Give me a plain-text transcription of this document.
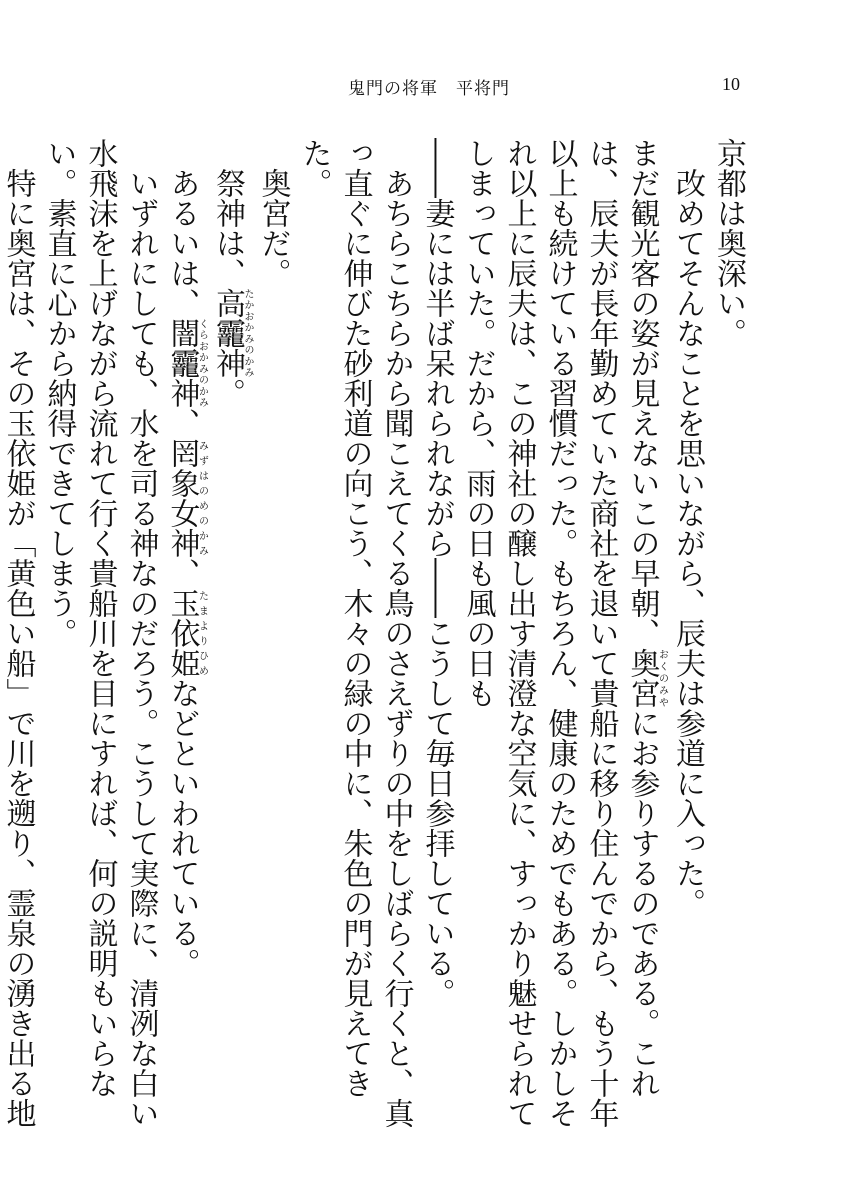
鬼門の将軍　平将門	10

京都は奥深い。

改めてそんなことを思いながら、辰夫は参道に入った。

まだ観光客の姿が見えないこの早朝、奥宮おくのみやにお参りするのである。これは、辰夫が長年勤めていた商社を退いて貴船に移り住んでから、もう十年以上も続けている習慣だった。もちろん、健康のためでもある。しかしそれ以上に辰夫は、この神社の醸し出す清澄な空気に、すっかり魅せられてしまっていた。だから、雨の日も風の日も

――妻には半ば呆れられながら――こうして毎日参拝している。

あちらこちらから聞こえてくる鳥のさえずりの中をしばらく行くと、真っ直ぐに伸びた砂利道の向こう、木々の緑の中に、朱色の門が見えてきた。

奥宮だ。

祭神は、高龗神たかおかみのかみ。

あるいは、闇龗神くらおかみのかみ、罔象女神みずはのめのかみ、玉依姫たまよりひめなどといわれている。

いずれにしても、水を司る神なのだろう。こうして実際に、清冽な白い水飛沫を上げながら流れて行く貴船川を目にすれば、何の説明もいらない。素直に心から納得できてしまう。

特に奥宮は、その玉依姫が「黄色い船」で川を遡り、霊泉の湧き出る地
